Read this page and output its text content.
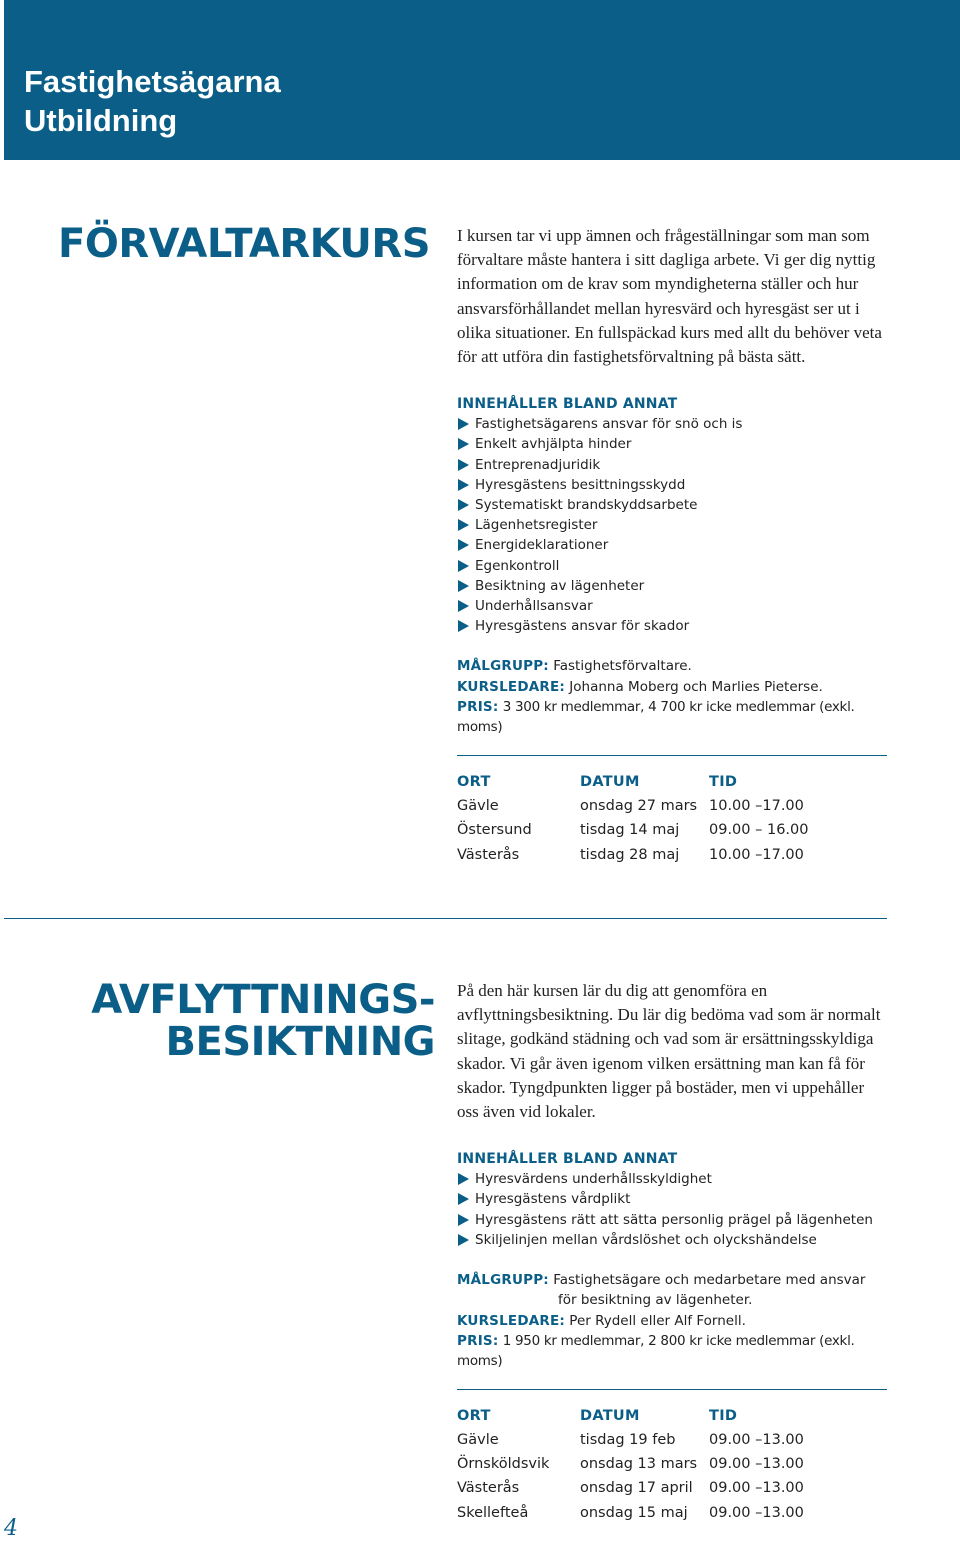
Fastighetsägarna
Utbildning
FÖRVALTARKURS I kursen tar vi upp ämnen och frågeställningar som man som förvaltare måste hantera i sitt dagliga arbete. Vi ger dig nyttig information om de krav som myndigheterna ställer och hur ansvarsförhållandet mellan hyresvärd och hyresgäst ser ut i olika situationer. En fullspäckad kurs med allt du behöver veta för att utföra din fastighetsförvaltning på bästa sätt.

INNEHÅLLER BLAND ANNAT
Fastighetsägarens ansvar för snö och is
Enkelt avhjälpta hinder
Entreprenadjuridik
Hyresgästens besittningsskydd
Systematiskt brandskyddsarbete
Lägenhetsregister
Energideklarationer
Egenkontroll
Besiktning av lägenheter
Underhållsansvar
Hyresgästens ansvar för skador
MÅLGRUPP: Fastighetsförvaltare.
KURSLEDARE: Johanna Moberg och Marlies Pieterse.
PRIS: 3 300 kr medlemmar, 4 700 kr icke medlemmar (exkl. moms)
ORT	DATUM	TID
Gävle	onsdag 27 mars 10.00 –17.00
Östersund	tisdag 14 maj 09.00 – 16.00
Västerås	tisdag 28 maj 10.00 –17.00
AVFLYTTNINGS-
BESIKTNING

På den här kursen lär du dig att genomföra en avflyttningsbesiktning. Du lär dig bedöma vad som är normalt slitage, godkänd städning och vad som är ersättningsskyldiga skador. Vi går även igenom vilken ersättning man kan få för skador. Tyngdpunkten ligger på bostäder, men vi uppehåller oss även vid lokaler.

INNEHÅLLER BLAND ANNAT
Hyresvärdens underhållsskyldighet
Hyresgästens vårdplikt
Hyresgästens rätt att sätta personlig prägel på lägenheten
Skiljelinjen mellan vårdslöshet och olyckshändelse
MÅLGRUPP: Fastighetsägare och medarbetare med ansvar
för besiktning av lägenheter.
KURSLEDARE: Per Rydell eller Alf Fornell.
PRIS: 1 950 kr medlemmar, 2 800 kr icke medlemmar (exkl. moms)
ORT	DATUM	TID
Gävle	tisdag 19 feb 09.00 –13.00
Örnsköldsvik onsdag 13 mars 09.00 –13.00
Västerås	onsdag 17 april 09.00 –13.00
Skellefteå	onsdag 15 maj 09.00 –13.00
4
